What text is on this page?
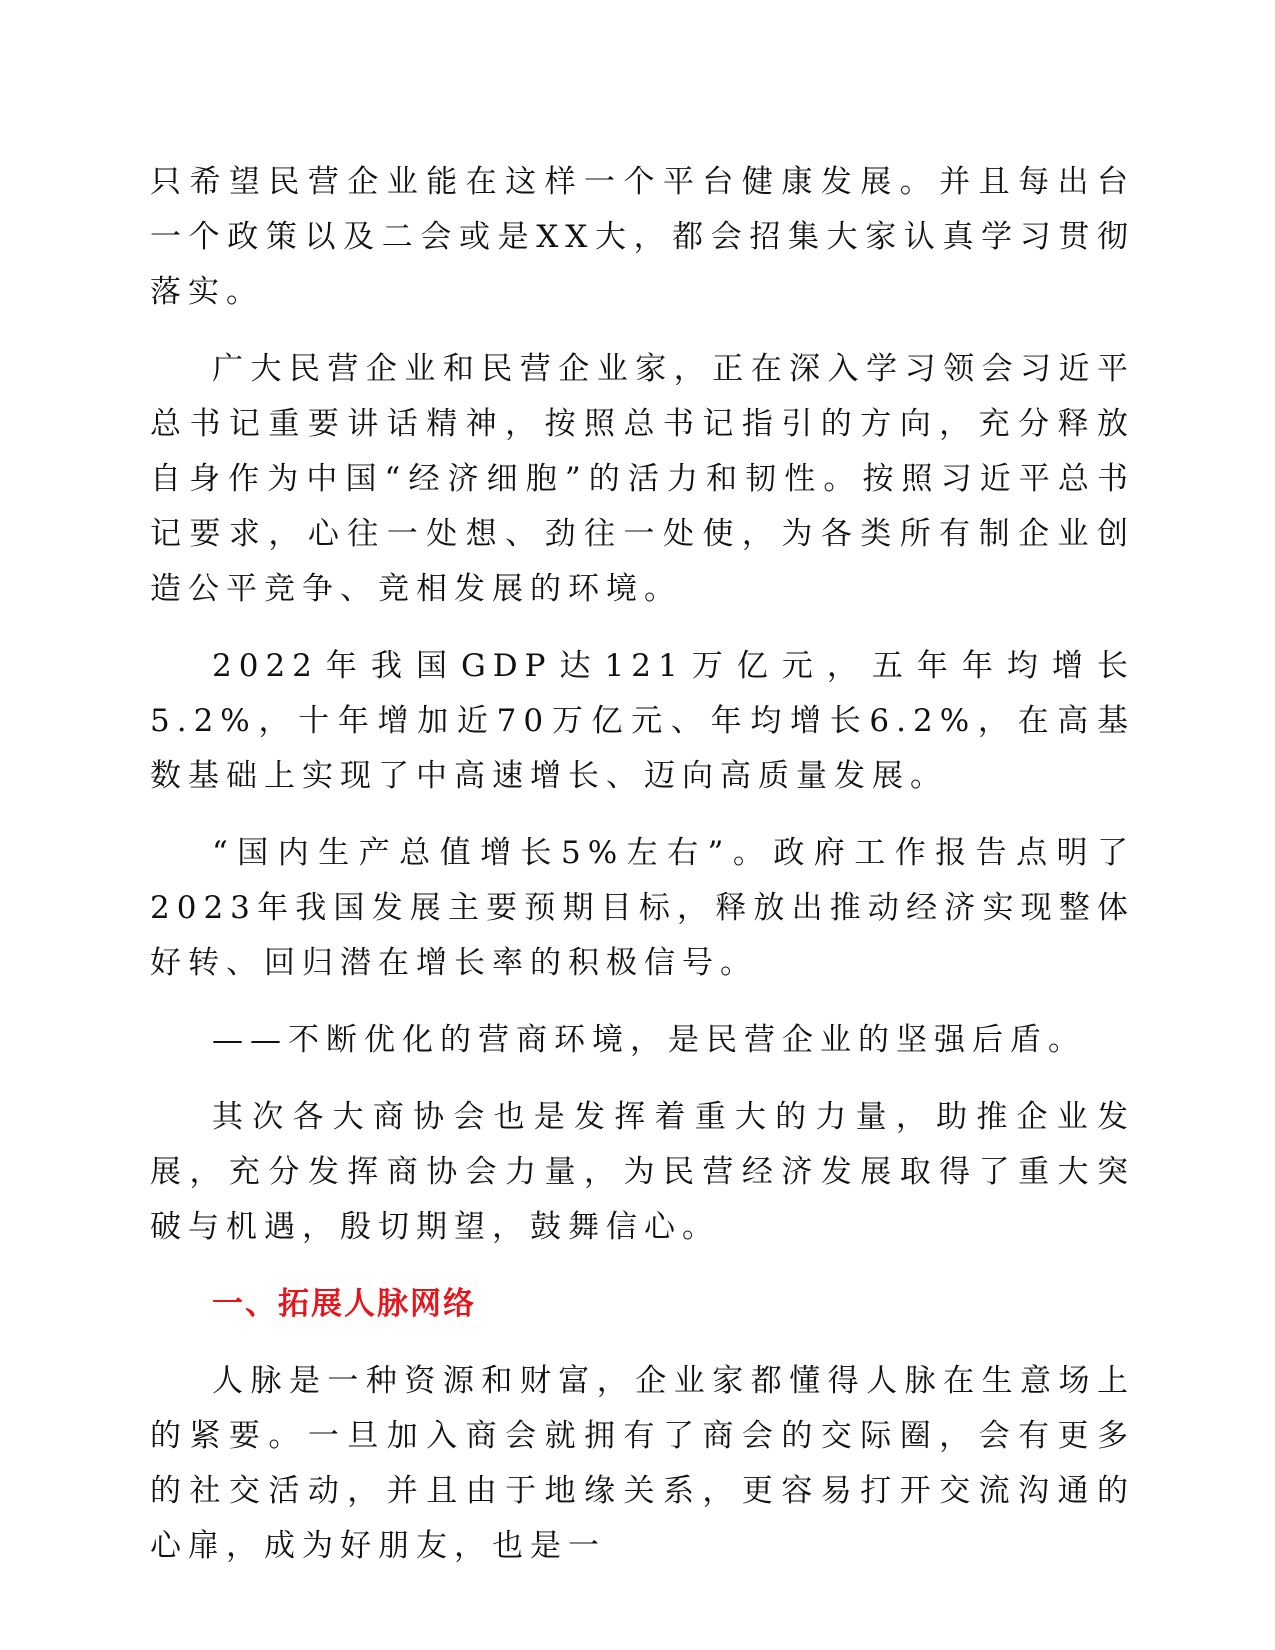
只希望民营企业能在这样一个平台健康发展。并且每出台一个政策以及二会或是XX大，都会招集大家认真学习贯彻落实。

广大民营企业和民营企业家，正在深入学习领会习近平总书记重要讲话精神，按照总书记指引的方向，充分释放自身作为中国“经济细胞”的活力和韧性。按照习近平总书记要求，心往一处想、劲往一处使，为各类所有制企业创造公平竞争、竞相发展的环境。

2022年我国GDP达121万亿元，五年年均增长5.2%，十年增加近70万亿元、年均增长6.2%，在高基数基础上实现了中高速增长、迈向高质量发展。

“国内生产总值增长5%左右”。政府工作报告点明了2023年我国发展主要预期目标，释放出推动经济实现整体好转、回归潜在增长率的积极信号。

——不断优化的营商环境，是民营企业的坚强后盾。

其次各大商协会也是发挥着重大的力量，助推企业发展，充分发挥商协会力量，为民营经济发展取得了重大突破与机遇，殷切期望，鼓舞信心。

一、拓展人脉网络

人脉是一种资源和财富，企业家都懂得人脉在生意场上的紧要。一旦加入商会就拥有了商会的交际圈，会有更多的社交活动，并且由于地缘关系，更容易打开交流沟通的心扉，成为好朋友，也是一
